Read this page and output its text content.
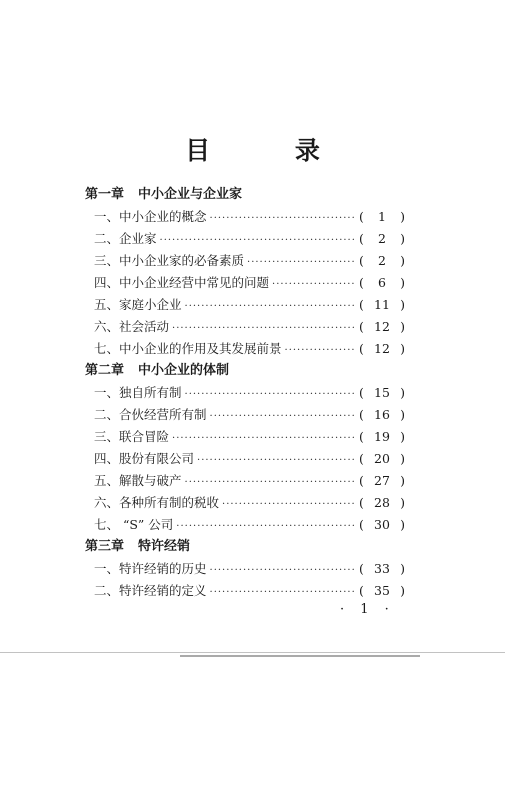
目 录
第一章 中小企业与企业家
一、中小企业的概念 ·····	(	1	)
二、企业家 ·····	(	2	)
三、中小企业家的必备素质 ·····	(	2	)
四、中小企业经营中常见的问题 ·····	(	6	)
五、家庭小企业 ·····	( 11 )
六、社会活动 ·····	( 12 )
七、中小企业的作用及其发展前景 ·····	( 12 )
第二章 中小企业的体制
一、独自所有制 ·····	( 15 )
二、合伙经营所有制 ·····	( 16 )
三、联合冒险 ·····	( 19 )
四、股份有限公司 ·····	( 20 )
五、解散与破产 ·····	( 27 )
六、各种所有制的税收 ·····	( 28 )
七、 “S” 公司 ·····	( 30 )
第三章 特许经销
一、特许经销的历史 ·····	( 33 )
二、特许经销的定义 ·····	( 35 )
· 1 ·
